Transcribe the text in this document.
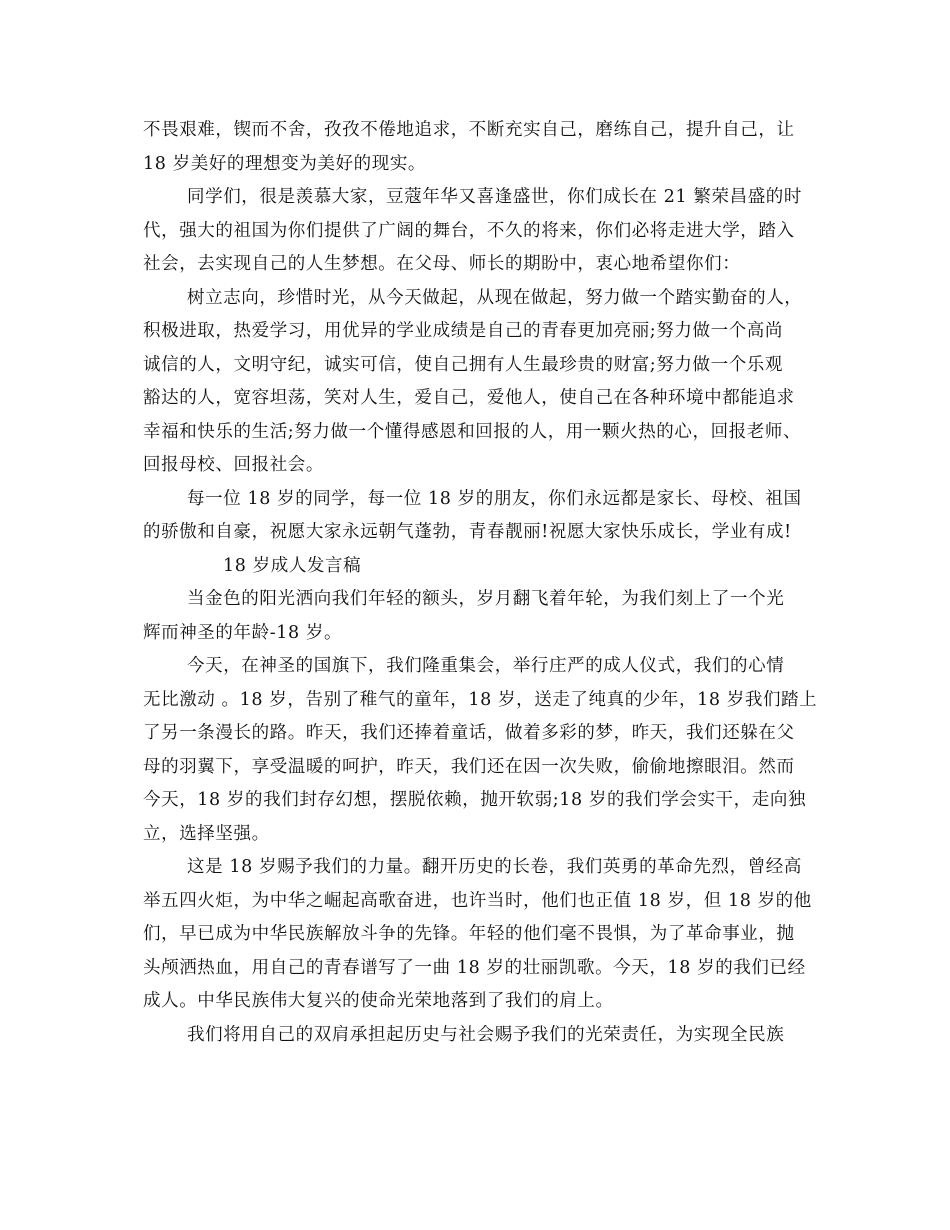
不畏艰难，锲而不舍，孜孜不倦地追求，不断充实自己，磨练自己，提升自己，让
18 岁美好的理想变为美好的现实。
同学们，很是羡慕大家，豆蔻年华又喜逢盛世，你们成长在 21 繁荣昌盛的时
代，强大的祖国为你们提供了广阔的舞台，不久的将来，你们必将走进大学，踏入
社会，去实现自己的人生梦想。在父母、师长的期盼中，衷心地希望你们：
树立志向，珍惜时光，从今天做起，从现在做起，努力做一个踏实勤奋的人，
积极进取，热爱学习，用优异的学业成绩是自己的青春更加亮丽;努力做一个高尚
诚信的人，文明守纪，诚实可信，使自己拥有人生最珍贵的财富;努力做一个乐观
豁达的人，宽容坦荡，笑对人生，爱自己，爱他人，使自己在各种环境中都能追求
幸福和快乐的生活;努力做一个懂得感恩和回报的人，用一颗火热的心，回报老师、
回报母校、回报社会。
每一位 18 岁的同学，每一位 18 岁的朋友，你们永远都是家长、母校、祖国
的骄傲和自豪，祝愿大家永远朝气蓬勃，青春靓丽!祝愿大家快乐成长，学业有成!
18 岁成人发言稿
当金色的阳光洒向我们年轻的额头，岁月翻飞着年轮，为我们刻上了一个光
辉而神圣的年龄-18 岁。
今天，在神圣的国旗下，我们隆重集会，举行庄严的成人仪式，我们的心情
无比激动 。18 岁，告别了稚气的童年，18 岁，送走了纯真的少年，18 岁我们踏上
了另一条漫长的路。昨天，我们还捧着童话，做着多彩的梦，昨天，我们还躲在父
母的羽翼下，享受温暖的呵护，昨天，我们还在因一次失败，偷偷地擦眼泪。然而
今天，18 岁的我们封存幻想，摆脱依赖，抛开软弱;18 岁的我们学会实干，走向独
立，选择坚强。
这是 18 岁赐予我们的力量。翻开历史的长卷，我们英勇的革命先烈，曾经高
举五四火炬，为中华之崛起高歌奋进，也许当时，他们也正值 18 岁，但 18 岁的他
们，早已成为中华民族解放斗争的先锋。年轻的他们毫不畏惧，为了革命事业，抛
头颅洒热血，用自己的青春谱写了一曲 18 岁的壮丽凯歌。今天，18 岁的我们已经
成人。中华民族伟大复兴的使命光荣地落到了我们的肩上。
我们将用自己的双肩承担起历史与社会赐予我们的光荣责任，为实现全民族
